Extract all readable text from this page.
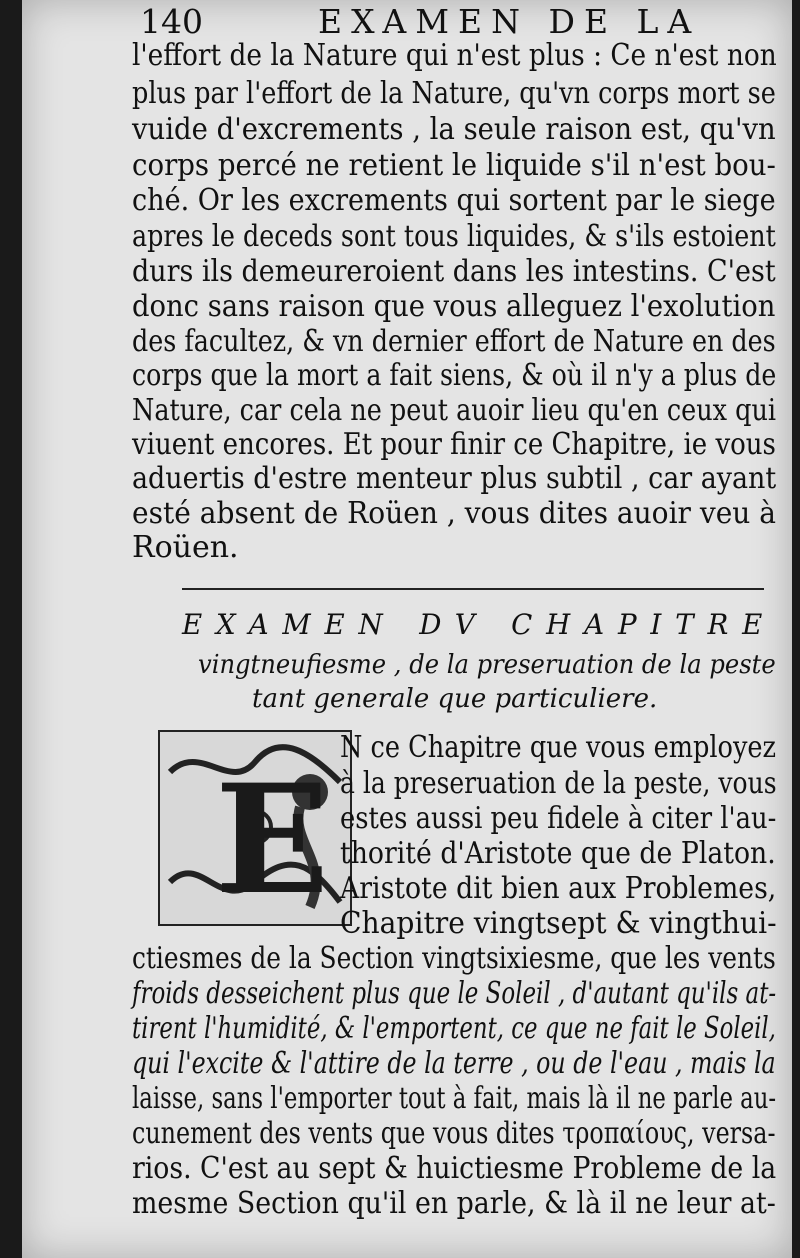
140	EXAMEN DE LA
l'effort de la Nature qui n'est plus : Ce n'est non
plus par l'effort de la Nature, qu'vn corps mort se
vuide d'excrements , la seule raison est, qu'vn
corps percé ne retient le liquide s'il n'est bou-
ché. Or les excrements qui sortent par le siege
apres le deceds sont tous liquides, & s'ils estoient
durs ils demeureroient dans les intestins. C'est
donc sans raison que vous alleguez l'exolution
des facultez, & vn dernier effort de Nature en des
corps que la mort a fait siens, & où il n'y a plus de
Nature, car cela ne peut auoir lieu qu'en ceux qui
viuent encores. Et pour finir ce Chapitre, ie vous
aduertis d'estre menteur plus subtil , car ayant
esté absent de Roüen , vous dites auoir veu à
Roüen.
EXAMEN DV CHAPITRE
vingtneufiesme , de la preseruation de la peste
tant generale que particuliere.
E
N ce Chapitre que vous employez
à la preseruation de la peste, vous
estes aussi peu fidele à citer l'au-
thorité d'Aristote que de Platon.
Aristote dit bien aux Problemes,
Chapitre vingtsept & vingthui-
ctiesmes de la Section vingtsixiesme, que les vents
froids desseichent plus que le Soleil , d'autant qu'ils at-
tirent l'humidité, & l'emportent, ce que ne fait le Soleil,
qui l'excite & l'attire de la terre , ou de l'eau , mais la
laisse, sans l'emporter tout à fait, mais là il ne parle au-
cunement des vents que vous dites τροπαίους, versa-
rios. C'est au sept & huictiesme Probleme de la
mesme Section qu'il en parle, & là il ne leur at-
